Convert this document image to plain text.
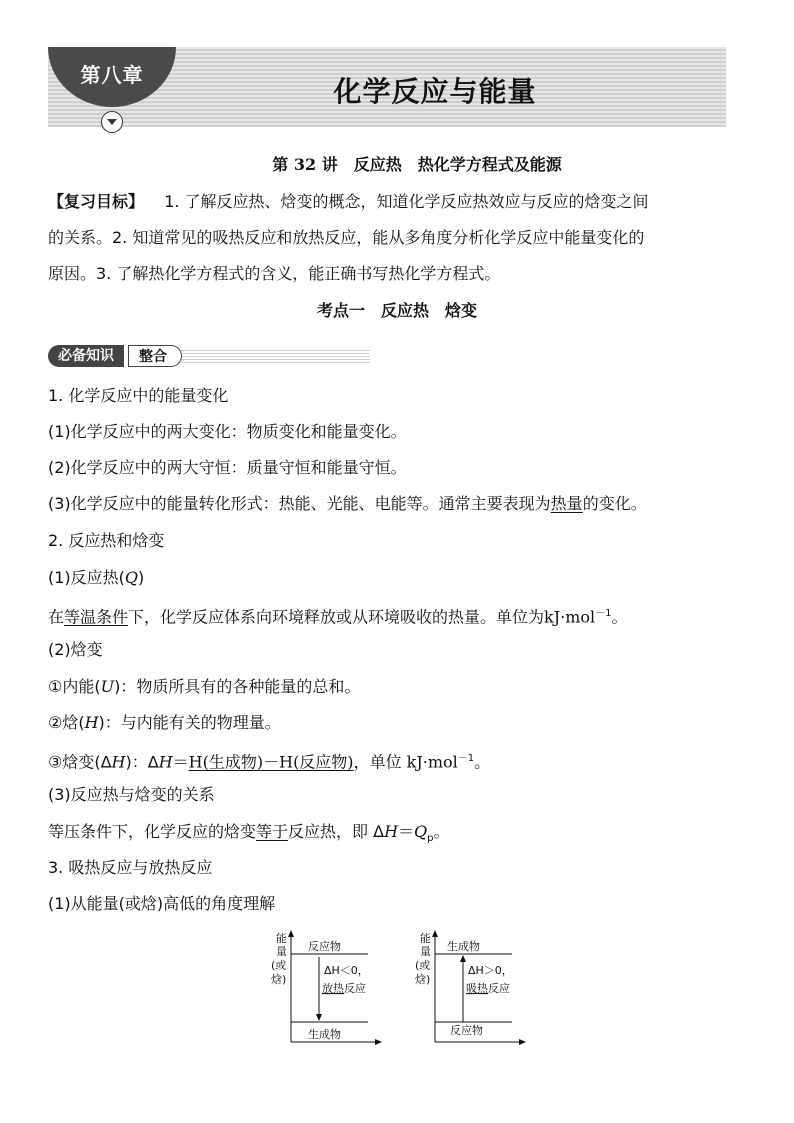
第八章
化学反应与能量
第 32 讲　反应热　热化学方程式及能源
【复习目标】 1. 了解反应热、焓变的概念，知道化学反应热效应与反应的焓变之间
的关系。2. 知道常见的吸热反应和放热反应，能从多角度分析化学反应中能量变化的
原因。3. 了解热化学方程式的含义，能正确书写热化学方程式。
考点一　反应热　焓变
必备知识	整合
1. 化学反应中的能量变化
(1)化学反应中的两大变化：物质变化和能量变化。
(2)化学反应中的两大守恒：质量守恒和能量守恒。
(3)化学反应中的能量转化形式：热能、光能、电能等。通常主要表现为热量的变化。
2. 反应热和焓变
(1)反应热(Q)
在等温条件下，化学反应体系向环境释放或从环境吸收的热量。单位为kJ·mol$^{-1}$。
(2)焓变
①内能(U)：物质所具有的各种能量的总和。
②焓(H)：与内能有关的物理量。
③焓变(ΔH)：ΔH＝H(生成物)－H(反应物)，单位 kJ·mol$^{-1}$。
(3)反应热与焓变的关系
等压条件下，化学反应的焓变等于反应热，即 $\Delta H=Q_p$。
3. 吸热反应与放热反应
(1)从能量(或焓)高低的角度理解
能
量
(或
焓)
反应物
生成物
ΔH＜0，
放热反应
能
量
(或
焓)
生成物
反应物
ΔH＞0，
吸热反应
